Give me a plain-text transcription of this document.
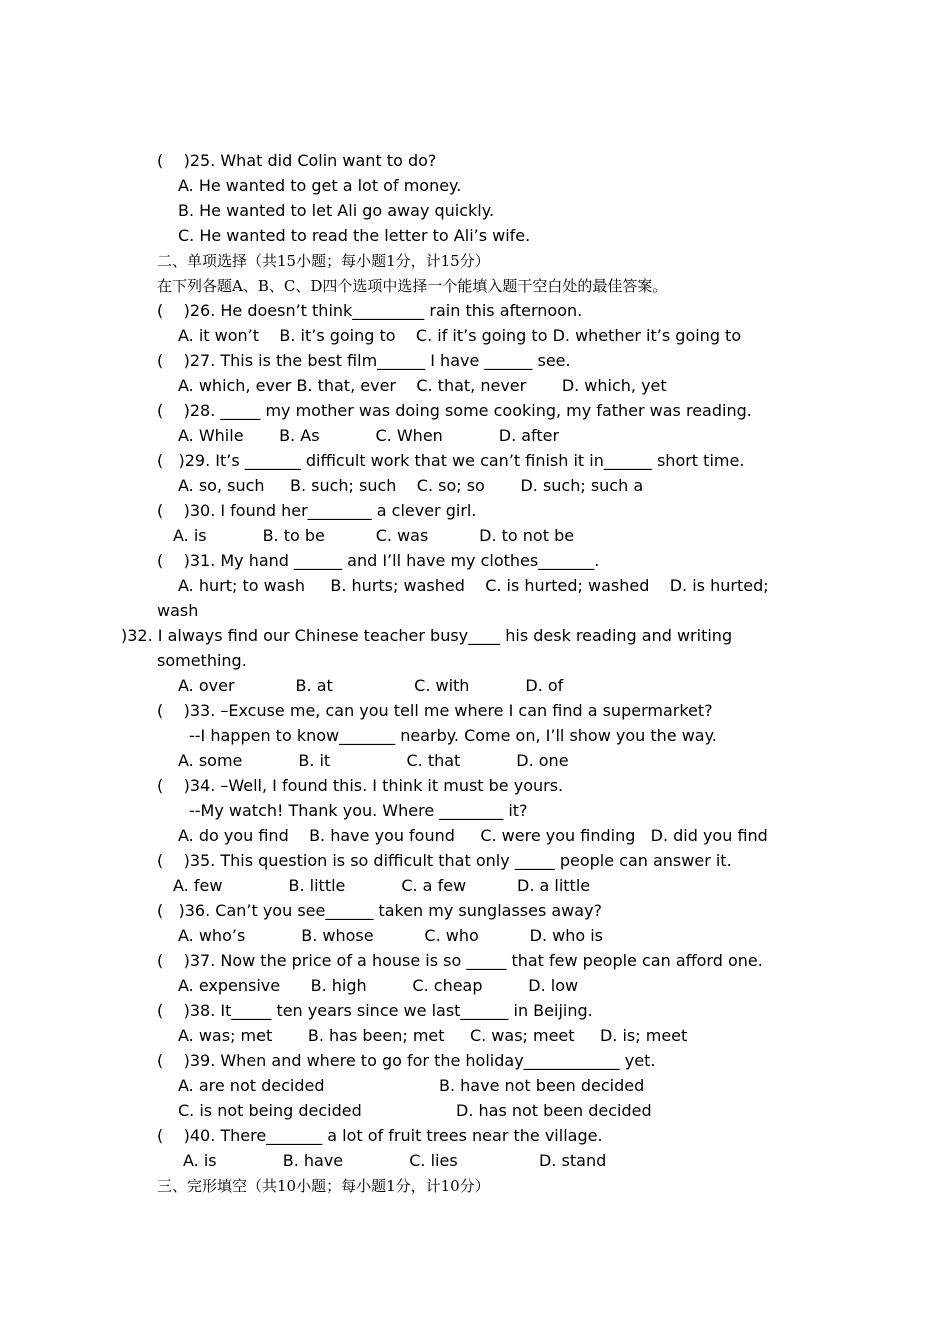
(    )25. What did Colin want to do?
A. He wanted to get a lot of money.
B. He wanted to let Ali go away quickly.
C. He wanted to read the letter to Ali’s wife.
二、单项选择（共15小题；每小题1分，计15分）
在下列各题A、B、C、D四个选项中选择一个能填入题干空白处的最佳答案。
(    )26. He doesn’t think_________ rain this afternoon.
A. it won’t    B. it’s going to    C. if it’s going to D. whether it’s going to
(    )27. This is the best film______ I have ______ see.
A. which, ever B. that, ever    C. that, never       D. which, yet
(    )28. _____ my mother was doing some cooking, my father was reading.
A. While       B. As           C. When           D. after
(   )29. It’s _______ difficult work that we can’t finish it in______ short time.
A. so, such     B. such; such    C. so; so       D. such; such a
(    )30. I found her________ a clever girl.
A. is           B. to be          C. was          D. to not be
(    )31. My hand ______ and I’ll have my clothes_______.
A. hurt; to wash     B. hurts; washed    C. is hurted; washed    D. is hurted;
wash
)32. I always find our Chinese teacher busy____ his desk reading and writing
something.
A. over            B. at                C. with           D. of
(    )33. –Excuse me, can you tell me where I can find a supermarket?
--I happen to know_______ nearby. Come on, I’ll show you the way.
A. some           B. it               C. that           D. one
(    )34. –Well, I found this. I think it must be yours.
--My watch! Thank you. Where ________ it?
A. do you find    B. have you found     C. were you finding   D. did you find
(    )35. This question is so difficult that only _____ people can answer it.
A. few             B. little           C. a few          D. a little
(   )36. Can’t you see______ taken my sunglasses away?
A. who’s           B. whose          C. who          D. who is
(    )37. Now the price of a house is so _____ that few people can afford one.
A. expensive      B. high         C. cheap         D. low
(    )38. It_____ ten years since we last______ in Beijing.
A. was; met       B. has been; met     C. was; meet     D. is; meet
(    )39. When and where to go for the holiday____________ yet.
A. are not decided	B. have not been decided
C. is not being decided	D. has not been decided
(    )40. There_______ a lot of fruit trees near the village.
A. is             B. have             C. lies                D. stand
三、完形填空（共10小题；每小题1分，计10分）
